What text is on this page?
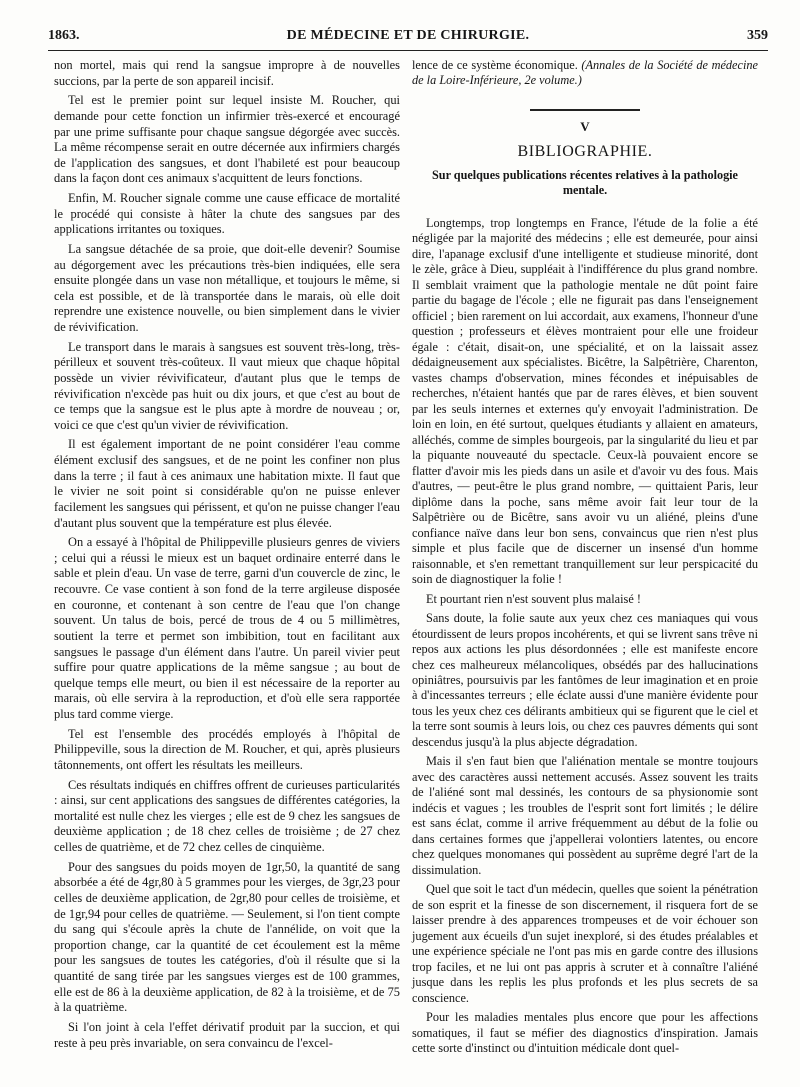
1863.	DE MÉDECINE ET DE CHIRURGIE.	359

non mortel, mais qui rend la sangsue impropre à de nouvelles succions, par la perte de son appareil incisif.

Tel est le premier point sur lequel insiste M. Roucher, qui demande pour cette fonction un infirmier très-exercé et encouragé par une prime suffisante pour chaque sangsue dégorgée avec succès. La même récompense serait en outre décernée aux infirmiers chargés de l'application des sangsues, et dont l'habileté est pour beaucoup dans la façon dont ces animaux s'acquittent de leurs fonctions.

Enfin, M. Roucher signale comme une cause efficace de mortalité le procédé qui consiste à hâter la chute des sangsues par des applications irritantes ou toxiques.

La sangsue détachée de sa proie, que doit-elle devenir? Soumise au dégorgement avec les précautions très-bien indiquées, elle sera ensuite plongée dans un vase non métallique, et toujours le même, si cela est possible, et de là transportée dans le marais, où elle doit reprendre une existence nouvelle, ou bien simplement dans le vivier de révivification.

Le transport dans le marais à sangsues est souvent très-long, très-périlleux et souvent très-coûteux. Il vaut mieux que chaque hôpital possède un vivier révivificateur, d'autant plus que le temps de révivification n'excède pas huit ou dix jours, et que c'est au bout de ce temps que la sangsue est le plus apte à mordre de nouveau ; or, voici ce que c'est qu'un vivier de révivification.

Il est également important de ne point considérer l'eau comme élément exclusif des sangsues, et de ne point les confiner non plus dans la terre ; il faut à ces animaux une habitation mixte. Il faut que le vivier ne soit point si considérable qu'on ne puisse enlever facilement les sangsues qui périssent, et qu'on ne puisse changer l'eau d'autant plus souvent que la température est plus élevée.

On a essayé à l'hôpital de Philippeville plusieurs genres de viviers ; celui qui a réussi le mieux est un baquet ordinaire enterré dans le sable et plein d'eau. Un vase de terre, garni d'un couvercle de zinc, le recouvre. Ce vase contient à son fond de la terre argileuse disposée en couronne, et contenant à son centre de l'eau que l'on change souvent. Un talus de bois, percé de trous de 4 ou 5 millimètres, soutient la terre et permet son imbibition, tout en facilitant aux sangsues le passage d'un élément dans l'autre. Un pareil vivier peut suffire pour quatre applications de la même sangsue ; au bout de quelque temps elle meurt, ou bien il est nécessaire de la reporter au marais, où elle servira à la reproduction, et d'où elle sera rapportée plus tard comme vierge.

Tel est l'ensemble des procédés employés à l'hôpital de Philippeville, sous la direction de M. Roucher, et qui, après plusieurs tâtonnements, ont offert les résultats les meilleurs.

Ces résultats indiqués en chiffres offrent de curieuses particularités : ainsi, sur cent applications des sangsues de différentes catégories, la mortalité est nulle chez les vierges ; elle est de 9 chez les sangsues de deuxième application ; de 18 chez celles de troisième ; de 27 chez celles de quatrième, et de 72 chez celles de cinquième.

Pour des sangsues du poids moyen de 1gr,50, la quantité de sang absorbée a été de 4gr,80 à 5 grammes pour les vierges, de 3gr,23 pour celles de deuxième application, de 2gr,80 pour celles de troisième, et de 1gr,94 pour celles de quatrième. — Seulement, si l'on tient compte du sang qui s'écoule après la chute de l'annélide, on voit que la proportion change, car la quantité de cet écoulement est la même pour les sangsues de toutes les catégories, d'où il résulte que si la quantité de sang tirée par les sangsues vierges est de 100 grammes, elle est de 86 à la deuxième application, de 82 à la troisième, et de 75 à la quatrième.

Si l'on joint à cela l'effet dérivatif produit par la succion, et qui reste à peu près invariable, on sera convaincu de l'excel-

lence de ce système économique. (Annales de la Société de médecine de la Loire-Inférieure, 2e volume.)

V
BIBLIOGRAPHIE.
Sur quelques publications récentes relatives à la pathologie mentale.

Longtemps, trop longtemps en France, l'étude de la folie a été négligée par la majorité des médecins ; elle est demeurée, pour ainsi dire, l'apanage exclusif d'une intelligente et studieuse minorité, dont le zèle, grâce à Dieu, suppléait à l'indifférence du plus grand nombre. Il semblait vraiment que la pathologie mentale ne dût point faire partie du bagage de l'école ; elle ne figurait pas dans l'enseignement officiel ; bien rarement on lui accordait, aux examens, l'honneur d'une question ; professeurs et élèves montraient pour elle une froideur égale : c'était, disait-on, une spécialité, et on la laissait assez dédaigneusement aux spécialistes. Bicêtre, la Salpêtrière, Charenton, vastes champs d'observation, mines fécondes et inépuisables de recherches, n'étaient hantés que par de rares élèves, et bien souvent par les seuls internes et externes qu'y envoyait l'administration. De loin en loin, en été surtout, quelques étudiants y allaient en amateurs, alléchés, comme de simples bourgeois, par la singularité du lieu et par la piquante nouveauté du spectacle. Ceux-là pouvaient encore se flatter d'avoir mis les pieds dans un asile et d'avoir vu des fous. Mais d'autres, — peut-être le plus grand nombre, — quittaient Paris, leur diplôme dans la poche, sans même avoir fait leur tour de la Salpêtrière ou de Bicêtre, sans avoir vu un aliéné, pleins d'une confiance naïve dans leur bon sens, convaincus que rien n'est plus simple et plus facile que de discerner un insensé d'un homme raisonnable, et s'en remettant tranquillement sur leur perspicacité du soin de diagnostiquer la folie !

Et pourtant rien n'est souvent plus malaisé !

Sans doute, la folie saute aux yeux chez ces maniaques qui vous étourdissent de leurs propos incohérents, et qui se livrent sans trêve ni repos aux actions les plus désordonnées ; elle est manifeste encore chez ces malheureux mélancoliques, obsédés par des hallucinations opiniâtres, poursuivis par les fantômes de leur imagination et en proie à d'incessantes terreurs ; elle éclate aussi d'une manière évidente pour tous les yeux chez ces délirants ambitieux qui se figurent que le ciel et la terre sont soumis à leurs lois, ou chez ces pauvres déments qui sont descendus jusqu'à la plus abjecte dégradation.

Mais il s'en faut bien que l'aliénation mentale se montre toujours avec des caractères aussi nettement accusés. Assez souvent les traits de l'aliéné sont mal dessinés, les contours de sa physionomie sont indécis et vagues ; les troubles de l'esprit sont fort limités ; le délire est sans éclat, comme il arrive fréquemment au début de la folie ou dans certaines formes que j'appellerai volontiers latentes, ou encore chez quelques monomanes qui possèdent au suprême degré l'art de la dissimulation.

Quel que soit le tact d'un médecin, quelles que soient la pénétration de son esprit et la finesse de son discernement, il risquera fort de se laisser prendre à des apparences trompeuses et de voir échouer son jugement aux écueils d'un sujet inexploré, si des études préalables et une expérience spéciale ne l'ont pas mis en garde contre des illusions trop faciles, et ne lui ont pas appris à scruter et à connaître l'aliéné jusque dans les replis les plus profonds et les plus secrets de sa conscience.

Pour les maladies mentales plus encore que pour les affections somatiques, il faut se méfier des diagnostics d'inspiration. Jamais cette sorte d'instinct ou d'intuition médicale dont quel-
